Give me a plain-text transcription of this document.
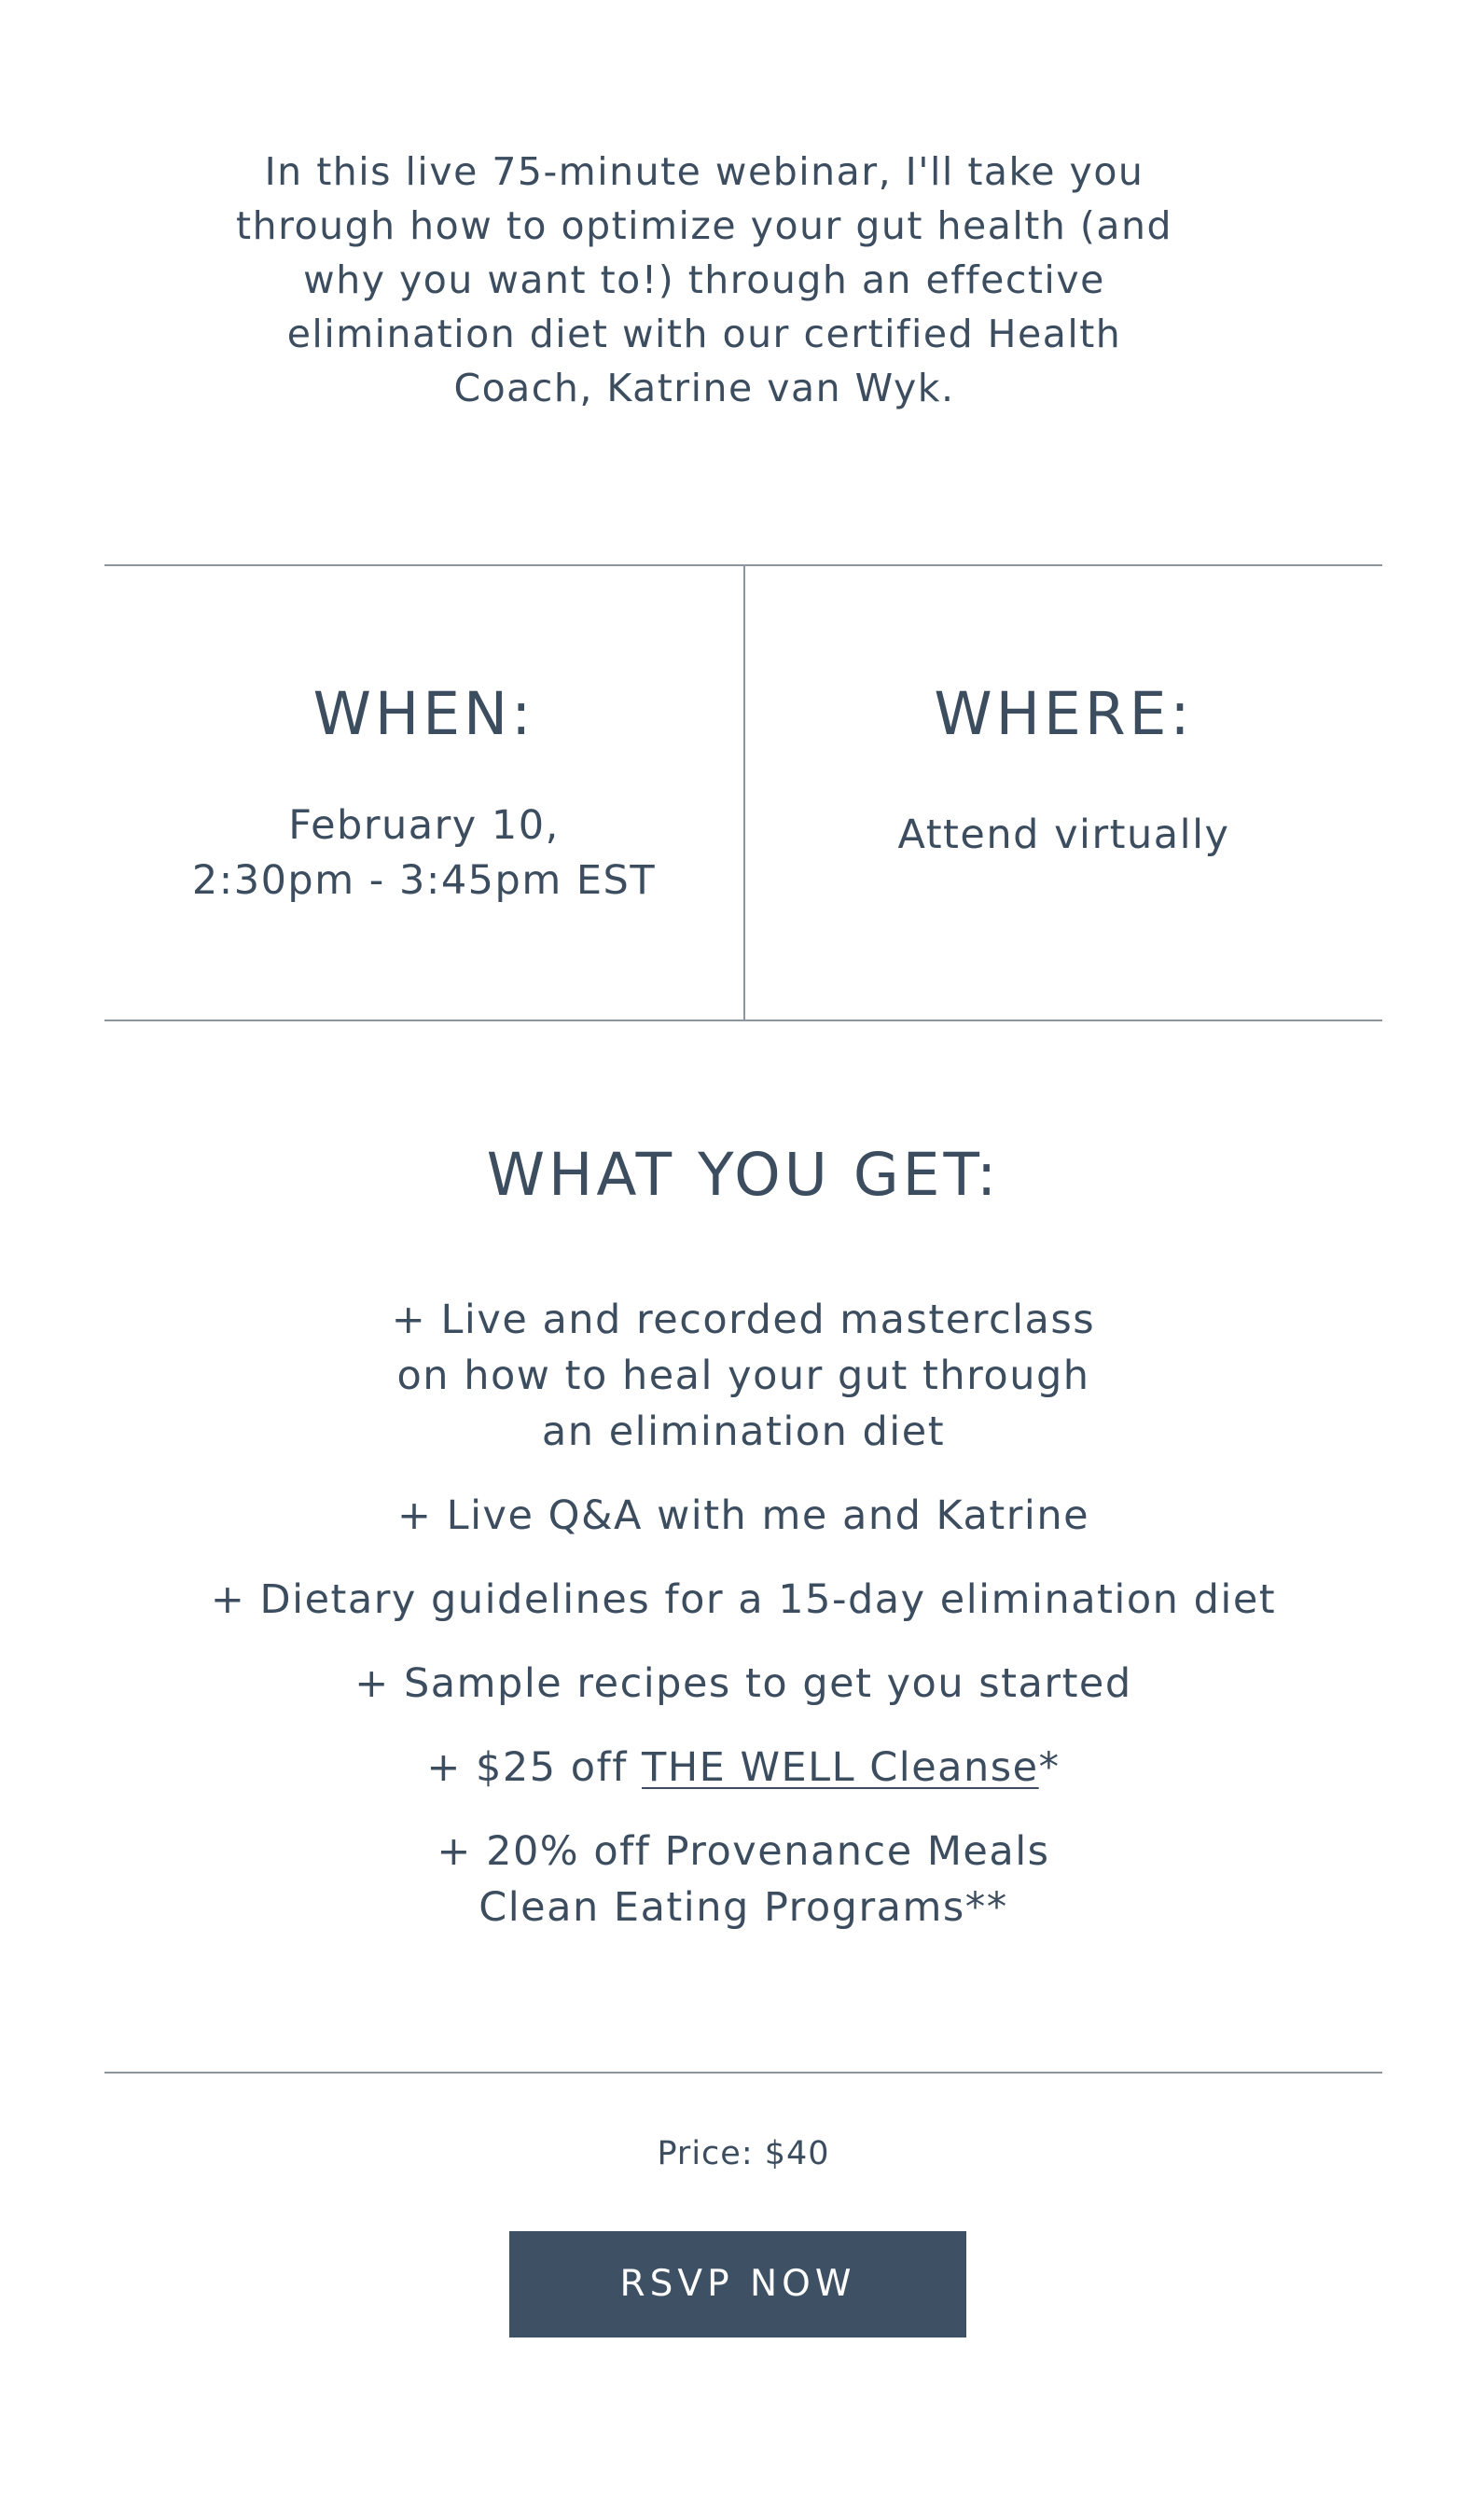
In this live 75-minute webinar, I'll take you
through how to optimize your gut health (and
why you want to!) through an effective
elimination diet with our certified Health
Coach, Katrine van Wyk.
WHEN:
February 10,
2:30pm - 3:45pm EST
WHERE:
Attend virtually
WHAT YOU GET:
+ Live and recorded masterclass
on how to heal your gut through
an elimination diet
+ Live Q&A with me and Katrine
+ Dietary guidelines for a 15-day elimination diet
+ Sample recipes to get you started
+ $25 off THE WELL Cleanse*
+ 20% off Provenance Meals
Clean Eating Programs**
Price: $40
RSVP NOW
